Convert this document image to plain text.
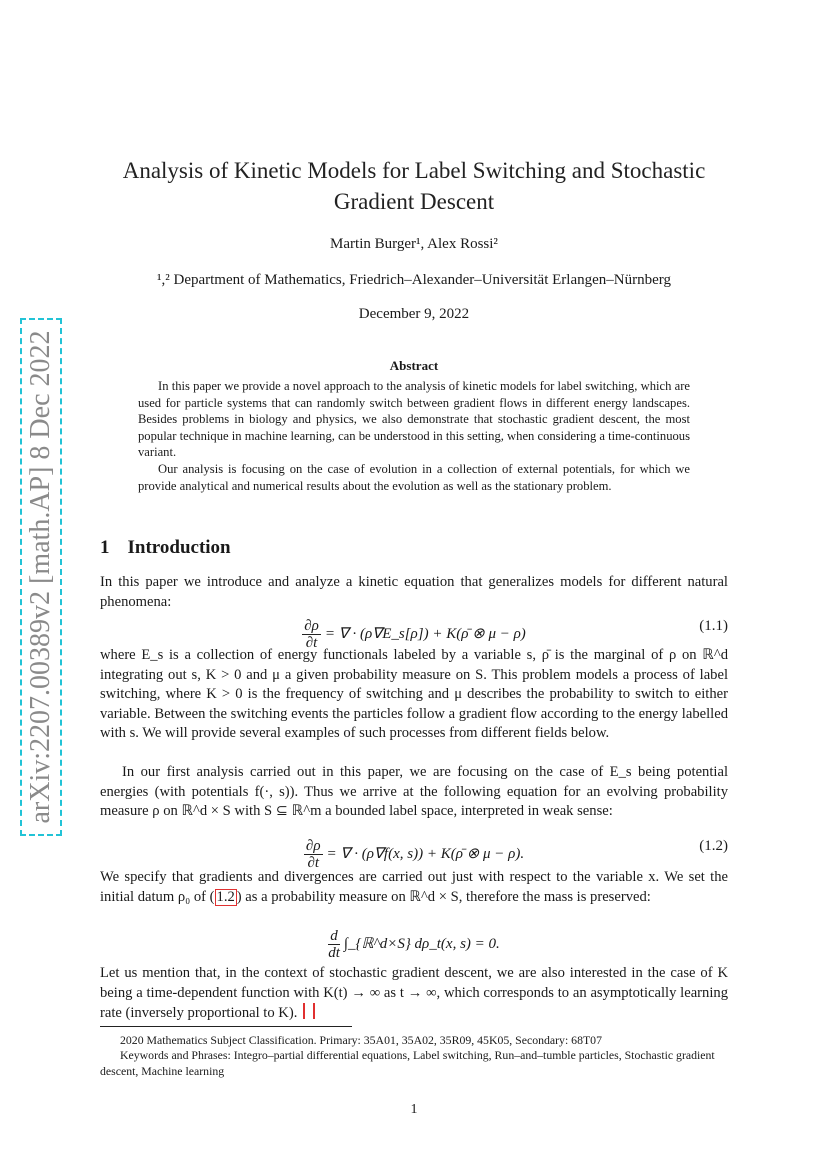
arXiv:2207.00389v2 [math.AP] 8 Dec 2022
Analysis of Kinetic Models for Label Switching and Stochastic
Gradient Descent
Martin Burger¹, Alex Rossi²
¹,² Department of Mathematics, Friedrich–Alexander–Universität Erlangen–Nürnberg
December 9, 2022
Abstract

In this paper we provide a novel approach to the analysis of kinetic models for label switching, which are used for particle systems that can randomly switch between gradient flows in different energy landscapes. Besides problems in biology and physics, we also demonstrate that stochastic gradient descent, the most popular technique in machine learning, can be understood in this setting, when considering a time-continuous variant.

Our analysis is focusing on the case of evolution in a collection of external potentials, for which we provide analytical and numerical results about the evolution as well as the stationary problem.

1 Introduction
In this paper we introduce and analyze a kinetic equation that generalizes models for different natural phenomena:
$\frac{\partial\rho}{\partial t}$ = ∇ · (ρ∇E_s[ρ]) + K(ρ̄ ⊗ μ − ρ)	(1.1)
where E_s is a collection of energy functionals labeled by a variable s, ρ̄ is the marginal of ρ on ℝ^d integrating out s, K > 0 and μ a given probability measure on S. This problem models a process of label switching, where K > 0 is the frequency of switching and μ describes the probability to switch to either variable. Between the switching events the particles follow a gradient flow according to the energy labelled with s. We will provide several examples of such processes from different fields below.
In our first analysis carried out in this paper, we are focusing on the case of E_s being potential energies (with potentials f(·, s)). Thus we arrive at the following equation for an evolving probability measure ρ on ℝ^d × S with S ⊆ ℝ^m a bounded label space, interpreted in weak sense:
$\frac{\partial\rho}{\partial t}$ = ∇ · (ρ∇f(x, s)) + K(ρ̄ ⊗ μ − ρ).	(1.2)
We specify that gradients and divergences are carried out just with respect to the variable x. We set the initial datum ρ₀ of ( 1.2 ) as a probability measure on ℝ^d × S, therefore the mass is preserved:
$\frac{d}{dt}$ ∫_{ℝ^d×S} dρ_t(x, s) = 0.
Let us mention that, in the context of stochastic gradient descent, we are also interested in the case of K being a time-dependent function with K(t) → ∞ as t → ∞, which corresponds to an asymptotically learning rate (inversely proportional to K).
2020 Mathematics Subject Classification. Primary: 35A01, 35A02, 35R09, 45K05, Secondary: 68T07
Keywords and Phrases: Integro–partial differential equations, Label switching, Run–and–tumble particles, Stochastic gradient descent, Machine learning
1
